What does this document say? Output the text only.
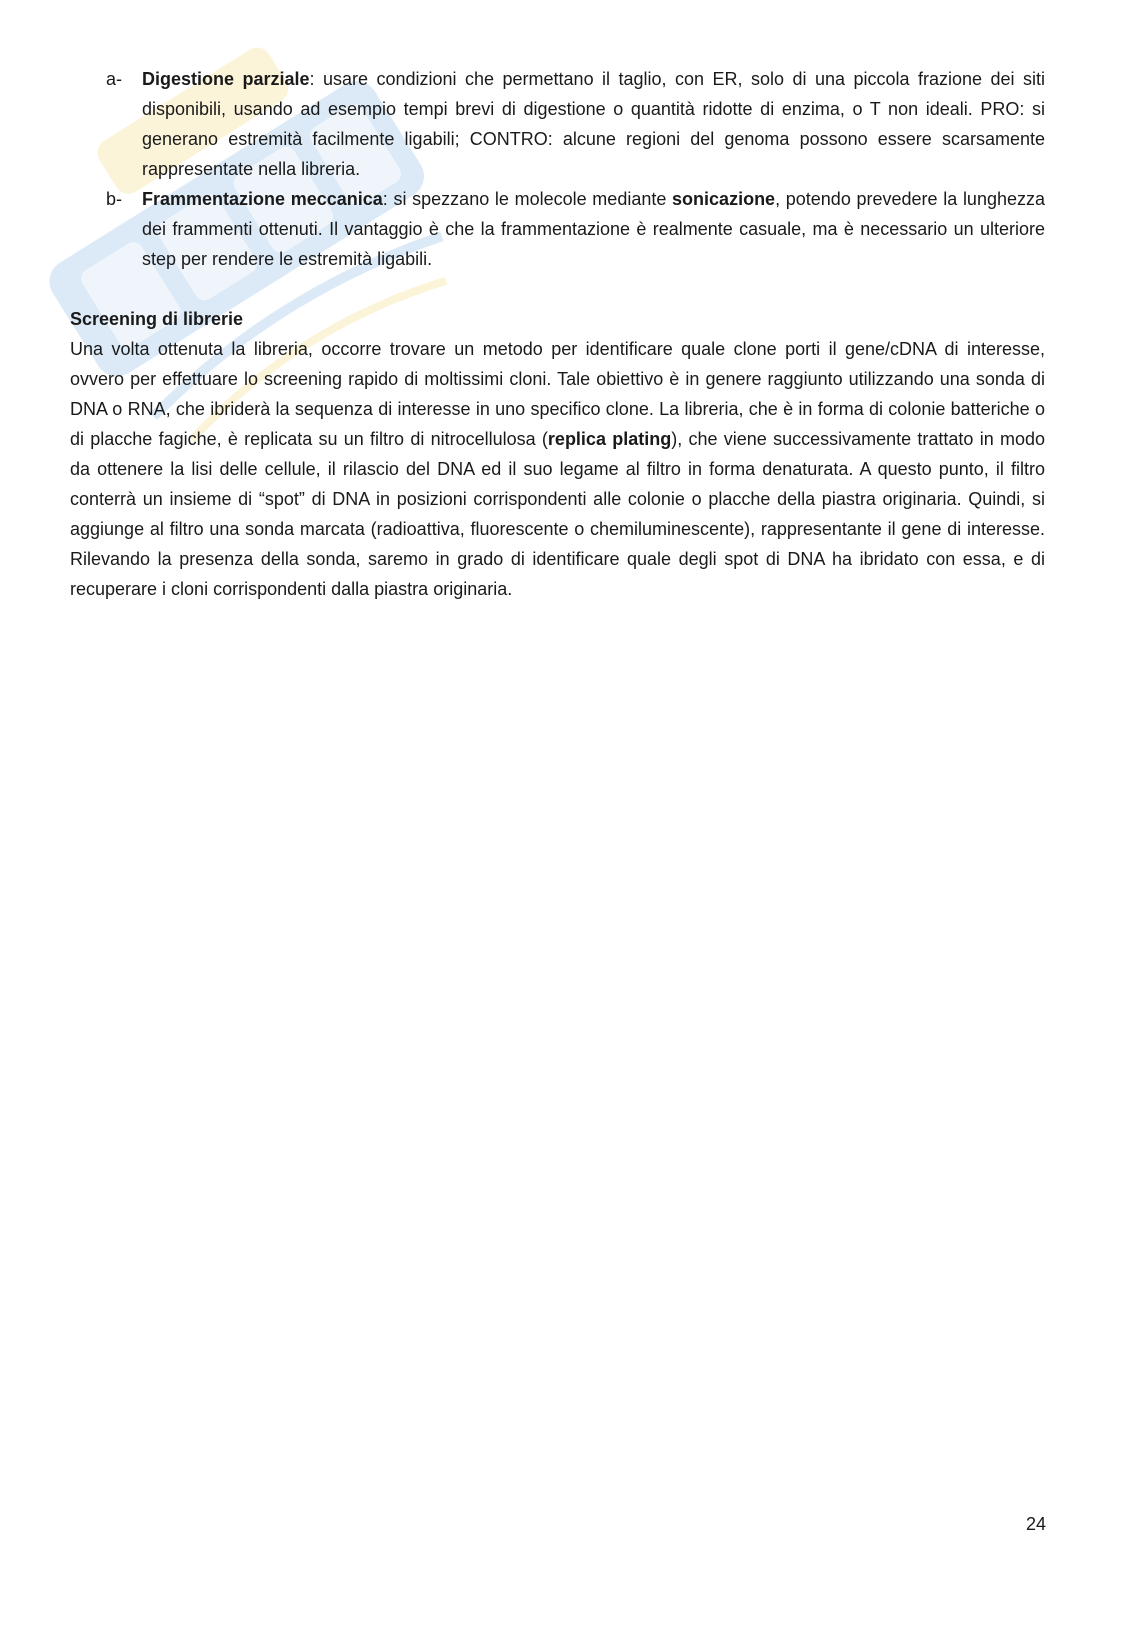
a-	Digestione parziale: usare condizioni che permettano il taglio, con ER, solo di una piccola frazione dei siti disponibili, usando ad esempio tempi brevi di digestione o quantità ridotte di enzima, o T non ideali. PRO: si generano estremità facilmente ligabili; CONTRO: alcune regioni del genoma possono essere scarsamente rappresentate nella libreria.
b-	Frammentazione meccanica: si spezzano le molecole mediante sonicazione, potendo prevedere la lunghezza dei frammenti ottenuti. Il vantaggio è che la frammentazione è realmente casuale, ma è necessario un ulteriore step per rendere le estremità ligabili.
Screening di librerie
Una volta ottenuta la libreria, occorre trovare un metodo per identificare quale clone porti il gene/cDNA di interesse, ovvero per effettuare lo screening rapido di moltissimi cloni. Tale obiettivo è in genere raggiunto utilizzando una sonda di DNA o RNA, che ibriderà la sequenza di interesse in uno specifico clone. La libreria, che è in forma di colonie batteriche o di placche fagiche, è replicata su un filtro di nitrocellulosa (replica plating), che viene successivamente trattato in modo da ottenere la lisi delle cellule, il rilascio del DNA ed il suo legame al filtro in forma denaturata. A questo punto, il filtro conterrà un insieme di “spot” di DNA in posizioni corrispondenti alle colonie o placche della piastra originaria. Quindi, si aggiunge al filtro una sonda marcata (radioattiva, fluorescente o chemiluminescente), rappresentante il gene di interesse. Rilevando la presenza della sonda, saremo in grado di identificare quale degli spot di DNA ha ibridato con essa, e di recuperare i cloni corrispondenti dalla piastra originaria.
24
